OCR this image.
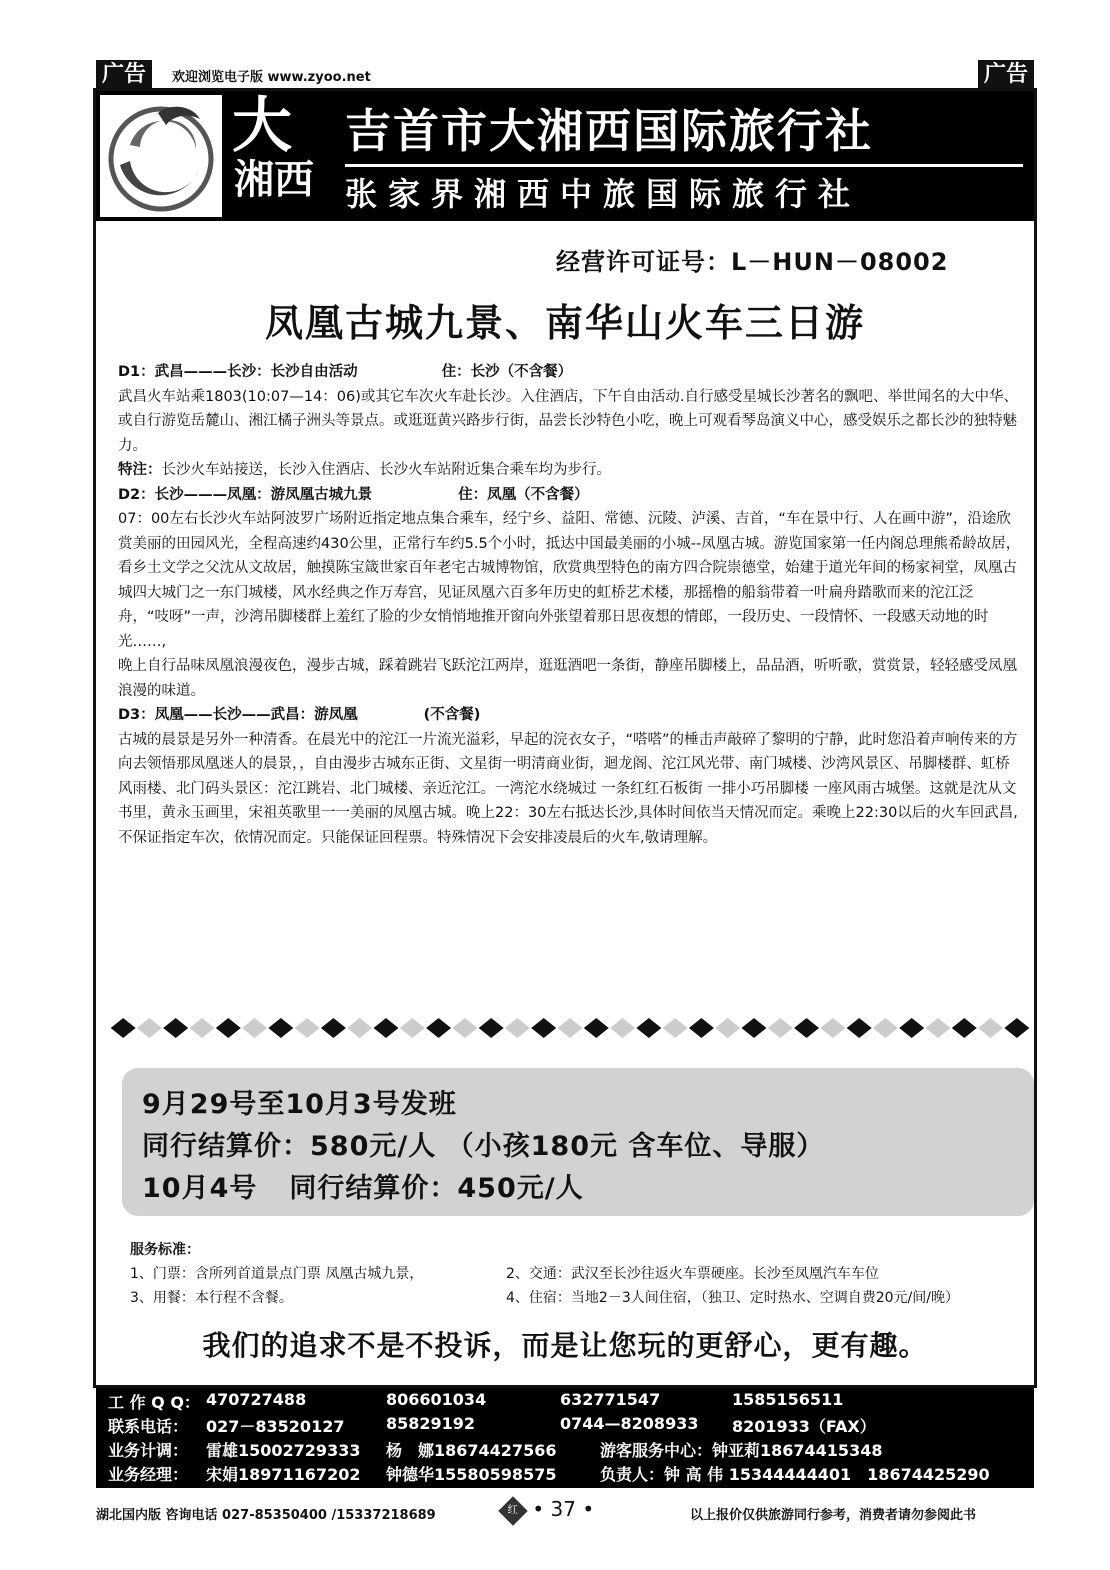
广告	欢迎浏览电子版 www.zyoo.net	广告
大
湘西
吉首市大湘西国际旅行社
张家界湘西中旅国际旅行社
经营许可证号：L－HUN－08002
凤凰古城九景、南华山火车三日游
D1：武昌———长沙：长沙自由活动	住：长沙（不含餐）

武昌火车站乘1803(10:07—14：06)或其它车次火车赴长沙。入住酒店，下午自由活动.自行感受星城长沙著名的飘吧、举世闻名的大中华、或自行游览岳麓山、湘江橘子洲头等景点。或逛逛黄兴路步行街，品尝长沙特色小吃，晚上可观看琴岛演义中心，感受娱乐之都长沙的独特魅力。

特注：长沙火车站接送，长沙入住酒店、长沙火车站附近集合乘车均为步行。

D2：长沙———凤凰：游凤凰古城九景	住：凤凰（不含餐）

07：00左右长沙火车站阿波罗广场附近指定地点集合乘车，经宁乡、益阳、常德、沅陵、泸溪、吉首，“车在景中行、人在画中游”，沿途欣赏美丽的田园风光，全程高速约430公里，正常行车约5.5个小时，抵达中国最美丽的小城--凤凰古城。游览国家第一任内阁总理熊希龄故居，看乡土文学之父沈从文故居，触摸陈宝箴世家百年老宅古城博物馆，欣赏典型特色的南方四合院崇德堂，始建于道光年间的杨家祠堂，凤凰古城四大城门之一东门城楼，风水经典之作万寿宫，见证凤凰六百多年历史的虹桥艺术楼，那摇橹的船翁带着一叶扁舟踏歌而来的沱江泛舟，“吱呀”一声，沙湾吊脚楼群上羞红了脸的少女悄悄地推开窗向外张望着那日思夜想的情郎，一段历史、一段情怀、一段感天动地的时光……,

晚上自行品味凤凰浪漫夜色，漫步古城，踩着跳岩飞跃沱江两岸，逛逛酒吧一条街，静座吊脚楼上，品品酒，听听歌，赏赏景，轻轻感受凤凰浪漫的味道。

D3：凤凰——长沙——武昌：游凤凰	(不含餐)

古城的晨景是另外一种清香。在晨光中的沱江一片流光溢彩，早起的浣衣女子，“嗒嗒”的棰击声敲碎了黎明的宁静，此时您沿着声响传来的方向去领悟那凤凰迷人的晨景，，自由漫步古城东正街、文星街一明清商业街，迴龙阁、沱江风光带、南门城楼、沙湾风景区、吊脚楼群、虹桥风雨楼、北门码头景区：沱江跳岩、北门城楼、亲近沱江。一湾沱水绕城过 一条红红石板街 一排小巧吊脚楼 一座风雨古城堡。这就是沈从文书里，黄永玉画里，宋祖英歌里一一美丽的凤凰古城。晚上22：30左右抵达长沙,具体时间依当天情况而定。乘晚上22:30以后的火车回武昌,不保证指定车次，依情况而定。只能保证回程票。特殊情况下会安排凌晨后的火车,敬请理解。

9月29号至10月3号发班
同行结算价：580元/人 （小孩180元 含车位、导服）
10月4号 同行结算价：450元/人
服务标准：
1、门票：含所列首道景点门票 凤凰古城九景，	2、交通：武汉至长沙往返火车票硬座。长沙至凤凰汽车车位
3、用餐：本行程不含餐。	4、住宿：当地2－3人间住宿，（独卫、定时热水、空调自费20元/间/晚）
我们的追求不是不投诉，而是让您玩的更舒心，更有趣。
工 作 Q Q： 470727488	806601034	632771547	1585156511
联系电话： 027－83520127	85829192	0744—8208933 8201933（FAX）
业务计调： 雷雄15002729333 杨　娜18674427566	游客服务中心：钟亚莉18674415348
业务经理： 宋娟18971167202 钟德华15580598575	负责人：钟 高 伟 15344444401　18674425290
湖北国内版 咨询电话 027-85350400 /15337218689	红 • 37 •	以上报价仅供旅游同行参考，消费者请勿参阅此书
